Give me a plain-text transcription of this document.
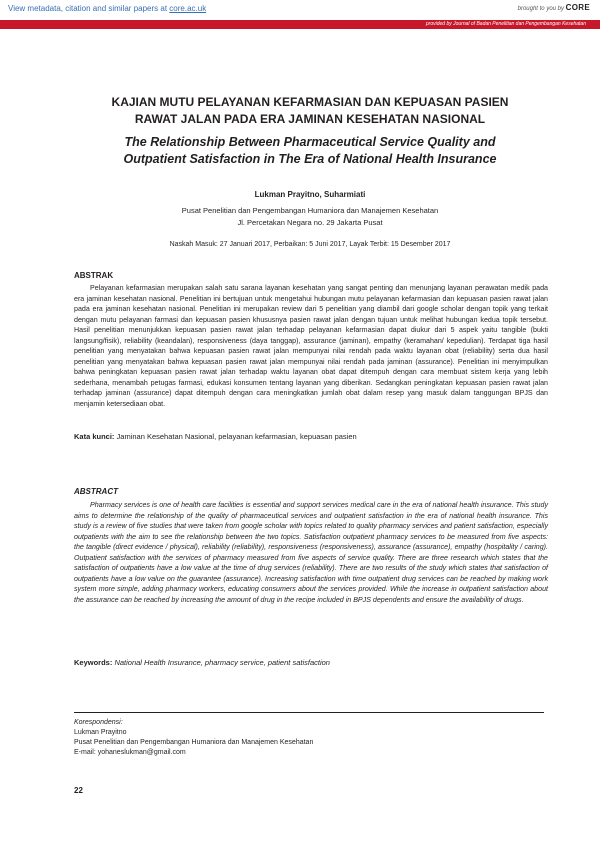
View metadata, citation and similar papers at core.ac.uk	brought to you by CORE
provided by Journal of Badan Penelitian dan Pengembangan Kesehatan
KAJIAN MUTU PELAYANAN KEFARMASIAN DAN KEPUASAN PASIEN
RAWAT JALAN PADA ERA JAMINAN KESEHATAN NASIONAL
The Relationship Between Pharmaceutical Service Quality and
Outpatient Satisfaction in The Era of National Health Insurance
Lukman Prayitno, Suharmiati
Pusat Penelitian dan Pengembangan Humaniora dan Manajemen Kesehatan
Jl. Percetakan Negara no. 29 Jakarta Pusat
Naskah Masuk: 27 Januari 2017, Perbaikan: 5 Juni 2017, Layak Terbit: 15 Desember 2017
ABSTRAK

Pelayanan kefarmasian merupakan salah satu sarana layanan kesehatan yang sangat penting dan menunjang layanan perawatan medik pada era jaminan kesehatan nasional. Penelitian ini bertujuan untuk mengetahui hubungan mutu pelayanan kefarmasian dan kepuasan pasien rawat jalan pada era jaminan kesehatan nasional. Penelitian ini merupakan review dari 5 penelitian yang diambil dari google scholar dengan topik yang terkait dengan mutu pelayanan farmasi dan kepuasan pasien khususnya pasien rawat jalan dengan tujuan untuk melihat hubungan kedua topik tersebut. Hasil penelitian menunjukkan kepuasan pasien rawat jalan terhadap pelayanan kefarmasian dapat diukur dari 5 aspek yaitu tangible (bukti langsung/fisik), reliability (keandalan), responsiveness (daya tanggap), assurance (jaminan), empathy (keramahan/ kepedulian). Terdapat tiga hasil penelitian yang menyatakan bahwa kepuasan pasien rawat jalan mempunyai nilai rendah pada waktu layanan obat (reliability) serta dua hasil penelitian yang menyatakan bahwa kepuasan pasien rawat jalan mempunyai nilai rendah pada jaminan (assurance). Penelitian ini menyimpulkan bahwa peningkatan kepuasan pasien rawat jalan terhadap waktu layanan obat dapat ditempuh dengan cara membuat sistem kerja yang lebih sederhana, menambah petugas farmasi, edukasi konsumen tentang layanan yang diberikan. Sedangkan peningkatan kepuasan pasien rawat jalan terhadap jaminan (assurance) dapat ditempuh dengan cara meningkatkan jumlah obat dalam resep yang masuk dalam tanggungan BPJS dan menjamin ketersediaan obat.

Kata kunci: Jaminan Kesehatan Nasional, pelayanan kefarmasian, kepuasan pasien
ABSTRACT

Pharmacy services is one of health care facilities is essential and support services medical care in the era of national health insurance. This study aims to determine the relationship of the quality of pharmaceutical services and outpatient satisfaction in the era of national health insurance. This study is a review of five studies that were taken from google scholar with topics related to quality pharmacy services and patient satisfaction, especially outpatients with the aim to see the relationship between the two topics. Satisfaction outpatient pharmacy services to be measured from five aspects: the tangible (direct evidence / physical), reliability (reliability), responsiveness (responsiveness), assurance (assurance), empathy (hospitality / caring). Outpatient satisfaction with the services of pharmacy measured from five aspects of service quality. There are three research which states that the satisfaction of outpatients have a low value at the time of drug services (reliability). There are two results of the study which states that satisfaction of outpatients have a low value on the guarantee (assurance). Increasing satisfaction with time outpatient drug services can be reached by making work system more simple, adding pharmacy workers, educating consumers about the services provided. While the increase in outpatient satisfaction about the assurance can be reached by increasing the amount of drug in the recipe included in BPJS dependents and ensure the availability of drugs.

Keywords: National Health Insurance, pharmacy service, patient satisfaction
Korespondensi:
Lukman Prayitno
Pusat Penelitian dan Pengembangan Humaniora dan Manajemen Kesehatan
E-mail: yohaneslukman@gmail.com
22
